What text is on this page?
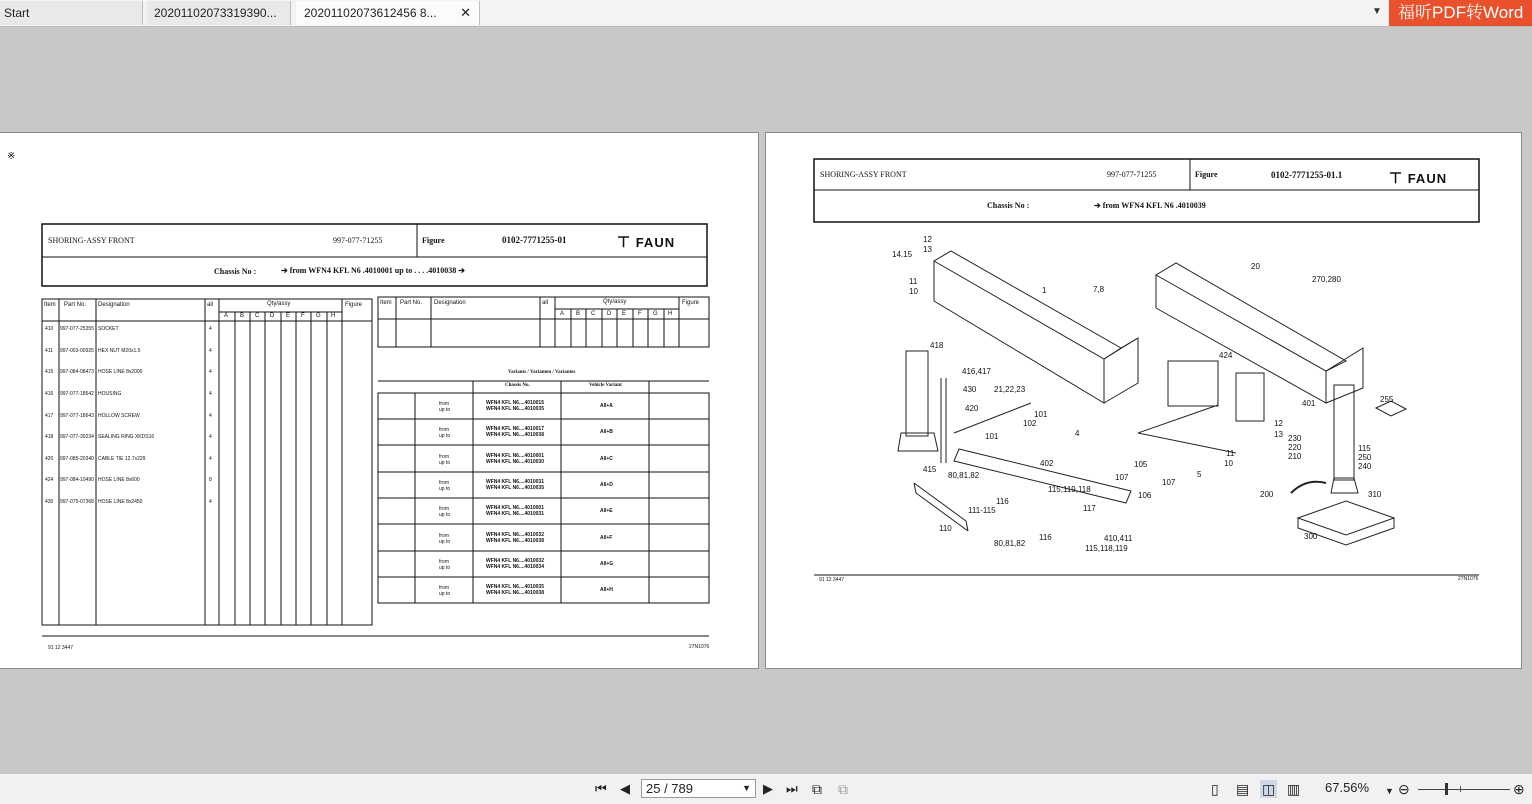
Start	20201102073319390...	20201102073612456 8... ✕	▼ 福昕PDF转Word
※
SHORING-ASSY FRONT	997-077-71255	Figure	0102-7771255-01	⊤ FAUN
Chassis No :	➔ from WFN4 KFL N6 .4010001 up to . . . .4010038 ➔
Item Part No. Designation	all	Qty/assy	Figure
A B C D E F G H
Item Part No. Designation	all	Qty/assy	Figure
A B C D E F G H
410 997-077-25355 SOCKET	4
411 997-003-00925 HEX NUT M20x1.5	4
415 997-084-08473 HOSE LINE 8x2000	4
416 997-077-18642 HOUSING	4
417 997-077-18643 HOLLOW SCREW	4
418 997-077-30234 SEALING RING XKDS16	4
420 997-085-20340 CABLE TIE 12.7x229	4
424 997-084-10490 HOSE LINE 8x600	8
430 997-075-07368 HOSE LINE 8x2450	4
Variants / Varianten / Variantes
Chassis No.	Vehicle Variant
from
up to
WFN4 KFL N6....4010015
WFN4 KFL N6....4010035	All+A
from
up to
WFN4 KFL N6....4010017
WFN4 KFL N6....4010038	All+B
from
up to
WFN4 KFL N6....4010001
WFN4 KFL N6....4010030	All+C
from
up to
WFN4 KFL N6....4010031
WFN4 KFL N6....4010035	All+D
from
up to
WFN4 KFL N6....4010001
WFN4 KFL N6....4010031	All+E
from
up to
WFN4 KFL N6....4010032
WFN4 KFL N6....4010038	All+F
from
up to
WFN4 KFL N6....4010032
WFN4 KFL N6....4010034	All+G
from
up to
WFN4 KFL N6....4010035
WFN4 KFL N6....4010038	All+H
91 12 3447	27N1076
SHORING-ASSY FRONT	997-077-71255	Figure	0102-7771255-01.1	⊤ FAUN
Chassis No :	➔ from WFN4 KFL N6 .4010039
12
13
14.15
11
10	1	7,8
20
270,280
418
416,417
430 21,22,23
420
101
102
101	4
402
424
107
105
106
107
5
11
10
12
13
401	255
230
220
210
115
250
240
200	310
415
80,81,82
116
111-115
110
115,119,118
117
116
80,81,82
410,411
115,118,119
300
91 12 3447	27N1076
⏮ ◀	25 / 789	▼ ▶ ⏭ ⧉ ⧉	▯ ▤ ◫ ▥ 67.56% ▼ ⊖	⊕
